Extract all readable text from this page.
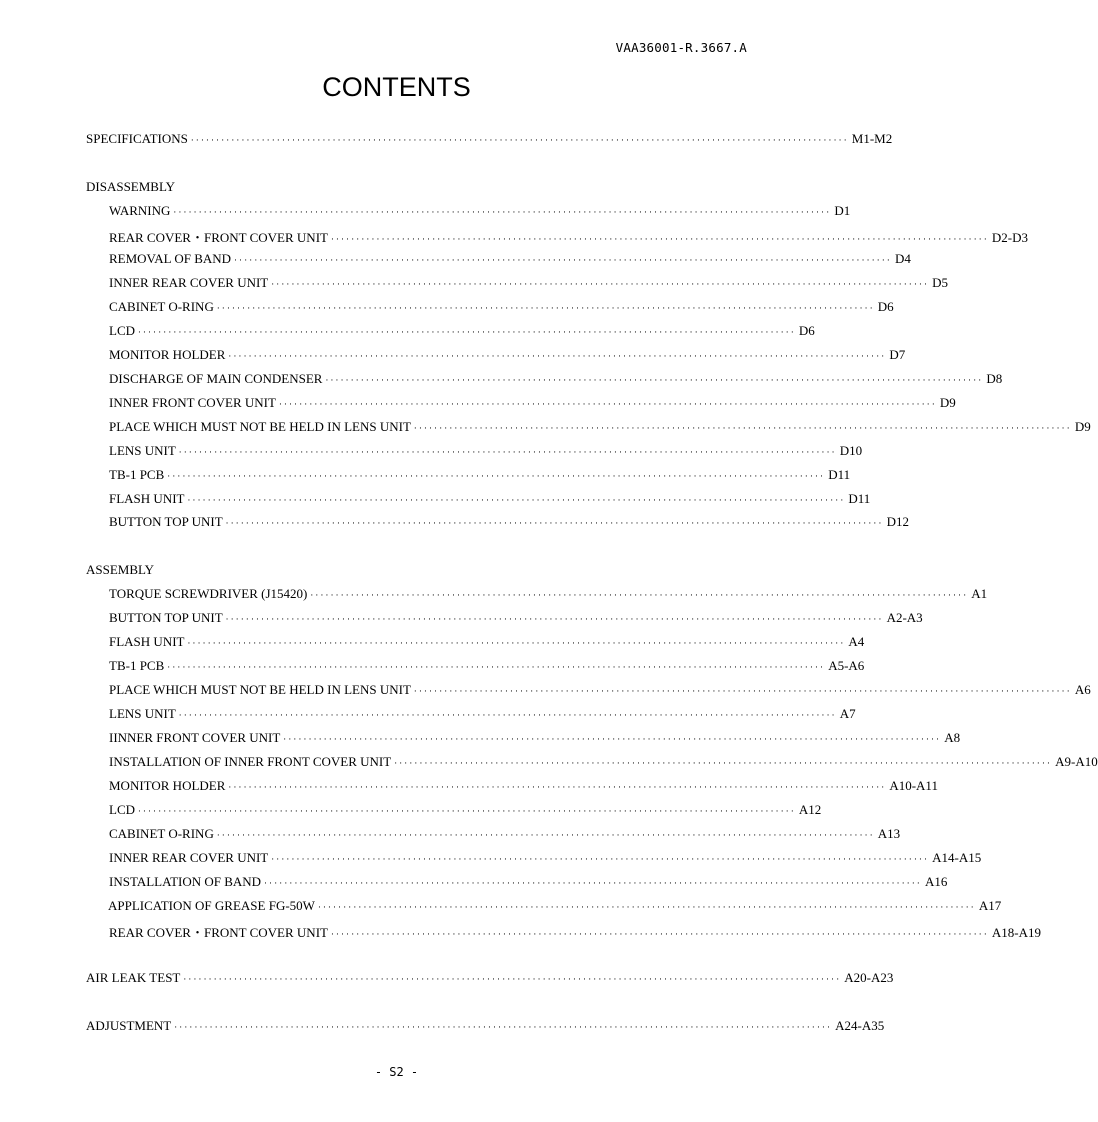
VAA36001-R.3667.A
CONTENTS
SPECIFICATIONS ·································································································································· M1-M2
DISASSEMBLY
WARNING ·································································································································· D1
REAR COVER・FRONT COVER UNIT ·································································································································· D2-D3
REMOVAL OF BAND ·································································································································· D4
INNER REAR COVER UNIT ·································································································································· D5
CABINET O-RING ·································································································································· D6
LCD ·································································································································· D6
MONITOR HOLDER ·································································································································· D7
DISCHARGE OF MAIN CONDENSER ·································································································································· D8
INNER FRONT COVER UNIT ·································································································································· D9
PLACE WHICH MUST NOT BE HELD IN LENS UNIT ·································································································································· D9
LENS UNIT ·································································································································· D10
TB-1 PCB ·································································································································· D11
FLASH UNIT ·································································································································· D11
BUTTON TOP UNIT ·································································································································· D12
ASSEMBLY
TORQUE SCREWDRIVER (J15420) ·································································································································· A1
BUTTON TOP UNIT ·································································································································· A2-A3
FLASH UNIT ·································································································································· A4
TB-1 PCB ·································································································································· A5-A6
PLACE WHICH MUST NOT BE HELD IN LENS UNIT ·································································································································· A6
LENS UNIT ·································································································································· A7
IINNER FRONT COVER UNIT ·································································································································· A8
INSTALLATION OF INNER FRONT COVER UNIT ·································································································································· A9-A10
MONITOR HOLDER ·································································································································· A10-A11
LCD ·································································································································· A12
CABINET O-RING ·································································································································· A13
INNER REAR COVER UNIT ·································································································································· A14-A15
INSTALLATION OF BAND ·································································································································· A16
APPLICATION OF GREASE FG-50W ·································································································································· A17
REAR COVER・FRONT COVER UNIT ·································································································································· A18-A19
AIR LEAK TEST ·································································································································· A20-A23
ADJUSTMENT ·································································································································· A24-A35
- S2 -
